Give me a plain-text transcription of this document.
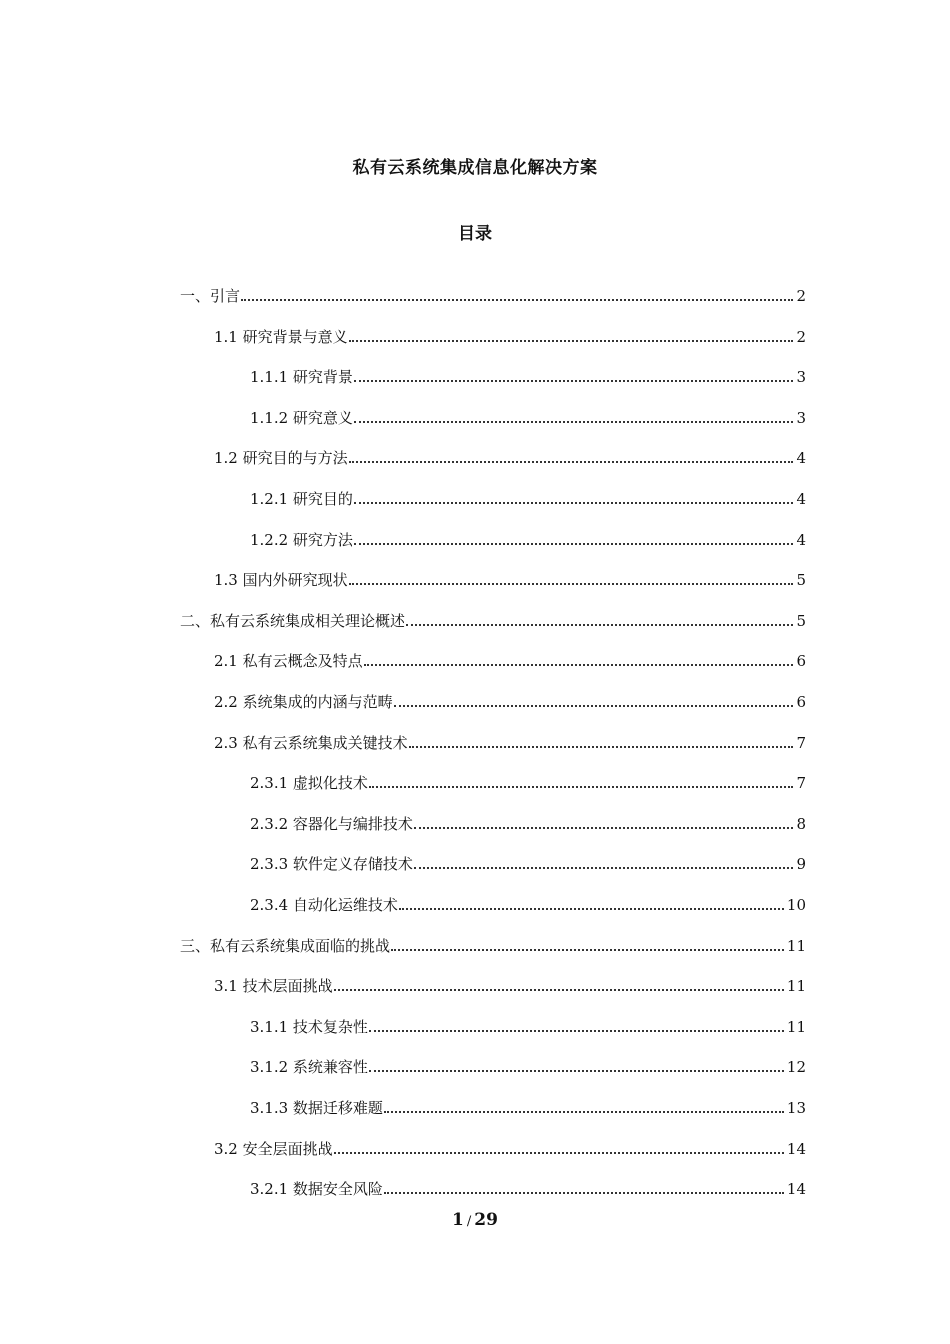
私有云系统集成信息化解决方案
目录
一、引言	2
1.1 研究背景与意义	2
1.1.1 研究背景	3
1.1.2 研究意义	3
1.2 研究目的与方法	4
1.2.1 研究目的	4
1.2.2 研究方法	4
1.3 国内外研究现状	5
二、私有云系统集成相关理论概述	5
2.1 私有云概念及特点	6
2.2 系统集成的内涵与范畴	6
2.3 私有云系统集成关键技术	7
2.3.1 虚拟化技术	7
2.3.2 容器化与编排技术	8
2.3.3 软件定义存储技术	9
2.3.4 自动化运维技术	10
三、私有云系统集成面临的挑战	11
3.1 技术层面挑战	11
3.1.1 技术复杂性	11
3.1.2 系统兼容性	12
3.1.3 数据迁移难题	13
3.2 安全层面挑战	14
3.2.1 数据安全风险	14
1 / 29
